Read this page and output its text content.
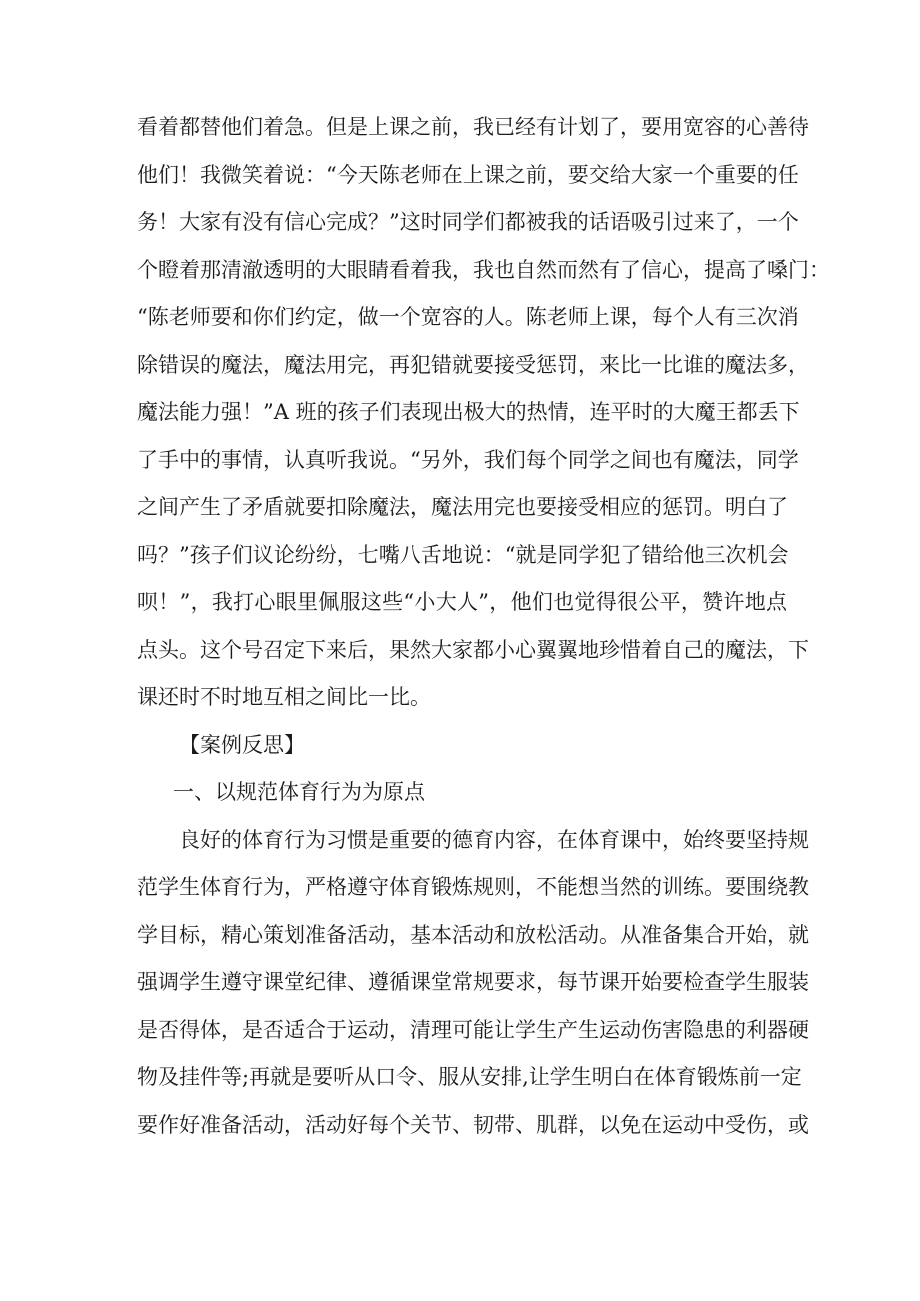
看着都替他们着急。但是上课之前，我已经有计划了，要用宽容的心善待
他们！我微笑着说：“今天陈老师在上课之前，要交给大家一个重要的任
务！大家有没有信心完成？”这时同学们都被我的话语吸引过来了，一个
个瞪着那清澈透明的大眼睛看着我，我也自然而然有了信心，提高了嗓门：
“陈老师要和你们约定，做一个宽容的人。陈老师上课，每个人有三次消
除错误的魔法，魔法用完，再犯错就要接受惩罚，来比一比谁的魔法多，
魔法能力强！”A 班的孩子们表现出极大的热情，连平时的大魔王都丢下
了手中的事情，认真听我说。“另外，我们每个同学之间也有魔法，同学
之间产生了矛盾就要扣除魔法，魔法用完也要接受相应的惩罚。明白了
吗？”孩子们议论纷纷，七嘴八舌地说：“就是同学犯了错给他三次机会
呗！”，我打心眼里佩服这些“小大人”，他们也觉得很公平，赞许地点
点头。这个号召定下来后，果然大家都小心翼翼地珍惜着自己的魔法，下
课还时不时地互相之间比一比。
【案例反思】
一、以规范体育行为为原点
良好的体育行为习惯是重要的德育内容，在体育课中，始终要坚持规
范学生体育行为，严格遵守体育锻炼规则，不能想当然的训练。要围绕教
学目标，精心策划准备活动，基本活动和放松活动。从准备集合开始，就
强调学生遵守课堂纪律、遵循课堂常规要求，每节课开始要检查学生服装
是否得体，是否适合于运动，清理可能让学生产生运动伤害隐患的利器硬
物及挂件等;再就是要听从口令、服从安排,让学生明白在体育锻炼前一定
要作好准备活动，活动好每个关节、韧带、肌群，以免在运动中受伤，或
